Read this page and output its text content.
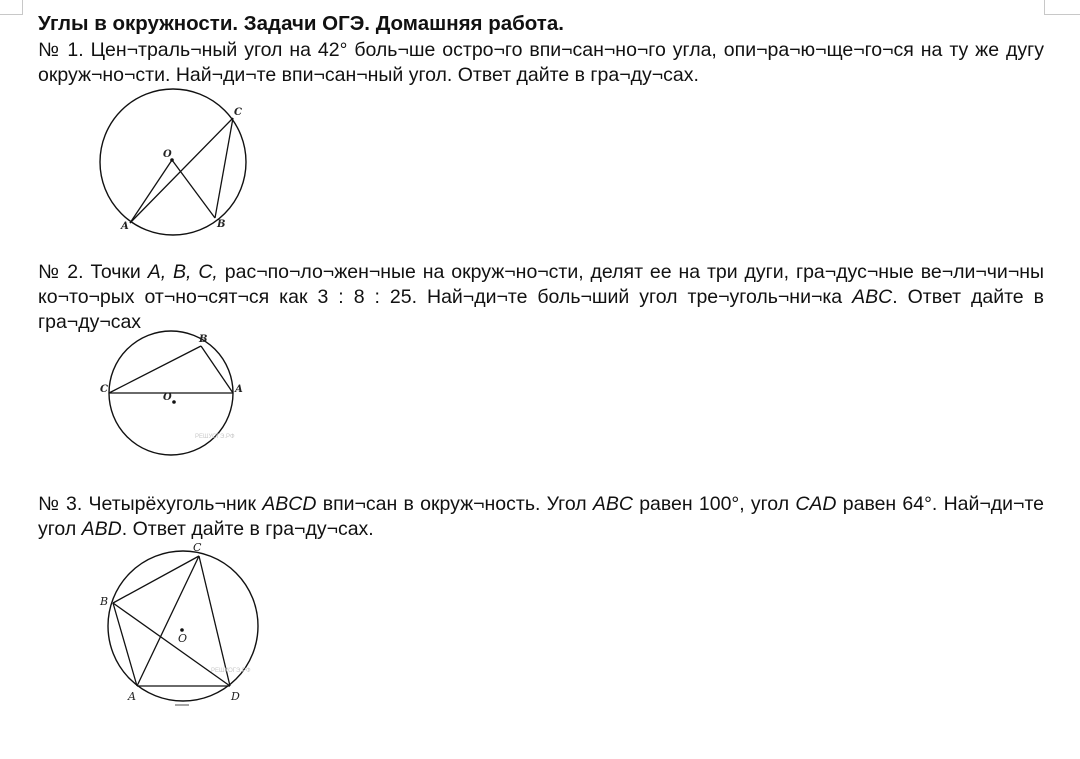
Углы в окружности. Задачи ОГЭ. Домашняя работа.
№ 1. Цен¬траль¬ный угол на 42° боль¬ше остро¬го впи¬сан¬но¬го угла, опи¬ра¬ю¬ще¬го¬ся на ту же дугу окруж¬но¬сти. Най¬ди¬те впи¬сан¬ный угол. Ответ дайте в гра¬ду¬сах.
O
C
A	B
№ 2. Точки A, B, C, рас¬по¬ло¬жен¬ные на окруж¬но¬сти, делят ее на три дуги, гра¬дус¬ные ве¬ли¬чи¬ны ко¬то¬рых от¬но¬сят¬ся как 3 : 8 : 25. Най¬ди¬те боль¬ший угол тре¬уголь¬ни¬ка ABC. Ответ дайте в гра¬ду¬сах
B
C	A
O
РЕШУОГЭ.РФ
№ 3. Четырёхуголь¬ник ABCD впи¬сан в окруж¬ность. Угол ABC равен 100°, угол CAD равен 64°. Най¬ди¬те угол ABD. Ответ дайте в гра¬ду¬сах.
C
B
O
A	D
РЕШУОГЭ.РФ
